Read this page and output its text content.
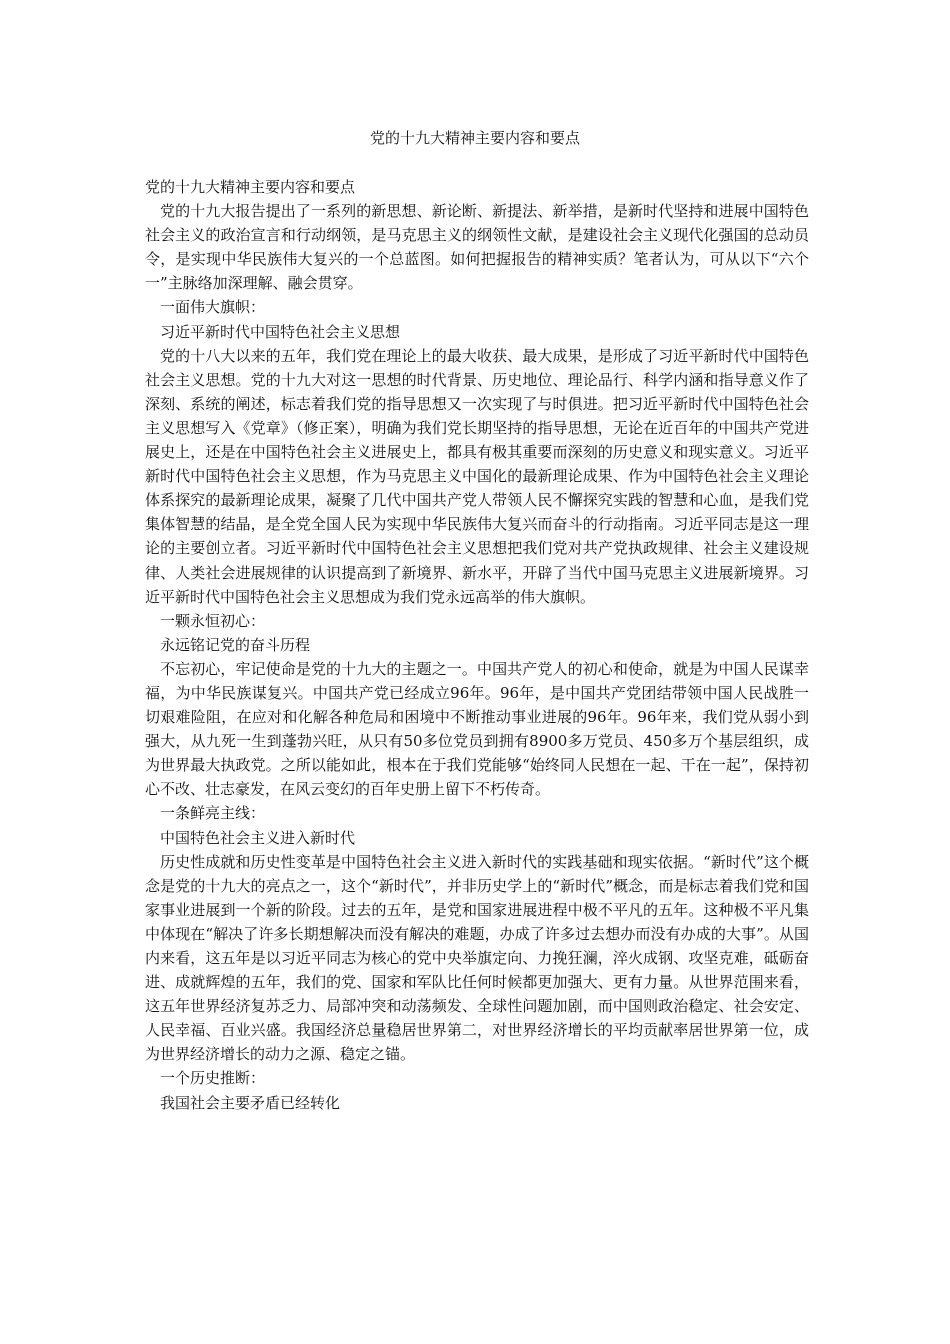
党的十九大精神主要内容和要点

党的十九大精神主要内容和要点

党的十九大报告提出了一系列的新思想、新论断、新提法、新举措，是新时代坚持和进展中国特色社会主义的政治宣言和行动纲领，是马克思主义的纲领性文献，是建设社会主义现代化强国的总动员令，是实现中华民族伟大复兴的一个总蓝图。如何把握报告的精神实质？笔者认为，可从以下“六个一”主脉络加深理解、融会贯穿。

一面伟大旗帜：

习近平新时代中国特色社会主义思想

党的十八大以来的五年，我们党在理论上的最大收获、最大成果，是形成了习近平新时代中国特色社会主义思想。党的十九大对这一思想的时代背景、历史地位、理论品行、科学内涵和指导意义作了深刻、系统的阐述，标志着我们党的指导思想又一次实现了与时俱进。把习近平新时代中国特色社会主义思想写入《党章》（修正案），明确为我们党长期坚持的指导思想，无论在近百年的中国共产党进展史上，还是在中国特色社会主义进展史上，都具有极其重要而深刻的历史意义和现实意义。习近平新时代中国特色社会主义思想，作为马克思主义中国化的最新理论成果、作为中国特色社会主义理论体系探究的最新理论成果，凝聚了几代中国共产党人带领人民不懈探究实践的智慧和心血，是我们党集体智慧的结晶，是全党全国人民为实现中华民族伟大复兴而奋斗的行动指南。习近平同志是这一理论的主要创立者。习近平新时代中国特色社会主义思想把我们党对共产党执政规律、社会主义建设规律、人类社会进展规律的认识提高到了新境界、新水平，开辟了当代中国马克思主义进展新境界。习近平新时代中国特色社会主义思想成为我们党永远高举的伟大旗帜。

一颗永恒初心：

永远铭记党的奋斗历程

不忘初心，牢记使命是党的十九大的主题之一。中国共产党人的初心和使命，就是为中国人民谋幸福，为中华民族谋复兴。中国共产党已经成立96年。96年，是中国共产党团结带领中国人民战胜一切艰难险阻，在应对和化解各种危局和困境中不断推动事业进展的96年。96年来，我们党从弱小到强大，从九死一生到蓬勃兴旺，从只有50多位党员到拥有8900多万党员、450多万个基层组织，成为世界最大执政党。之所以能如此，根本在于我们党能够“始终同人民想在一起、干在一起”，保持初心不改、壮志豪发，在风云变幻的百年史册上留下不朽传奇。

一条鲜亮主线：

中国特色社会主义进入新时代

历史性成就和历史性变革是中国特色社会主义进入新时代的实践基础和现实依据。“新时代”这个概念是党的十九大的亮点之一，这个“新时代”，并非历史学上的“新时代”概念，而是标志着我们党和国家事业进展到一个新的阶段。过去的五年，是党和国家进展进程中极不平凡的五年。这种极不平凡集中体现在“解决了许多长期想解决而没有解决的难题，办成了许多过去想办而没有办成的大事”。从国内来看，这五年是以习近平同志为核心的党中央举旗定向、力挽狂澜，淬火成钢、攻坚克难，砥砺奋进、成就辉煌的五年，我们的党、国家和军队比任何时候都更加强大、更有力量。从世界范围来看，这五年世界经济复苏乏力、局部冲突和动荡频发、全球性问题加剧，而中国则政治稳定、社会安定、人民幸福、百业兴盛。我国经济总量稳居世界第二，对世界经济增长的平均贡献率居世界第一位，成为世界经济增长的动力之源、稳定之锚。

一个历史推断：

我国社会主要矛盾已经转化
